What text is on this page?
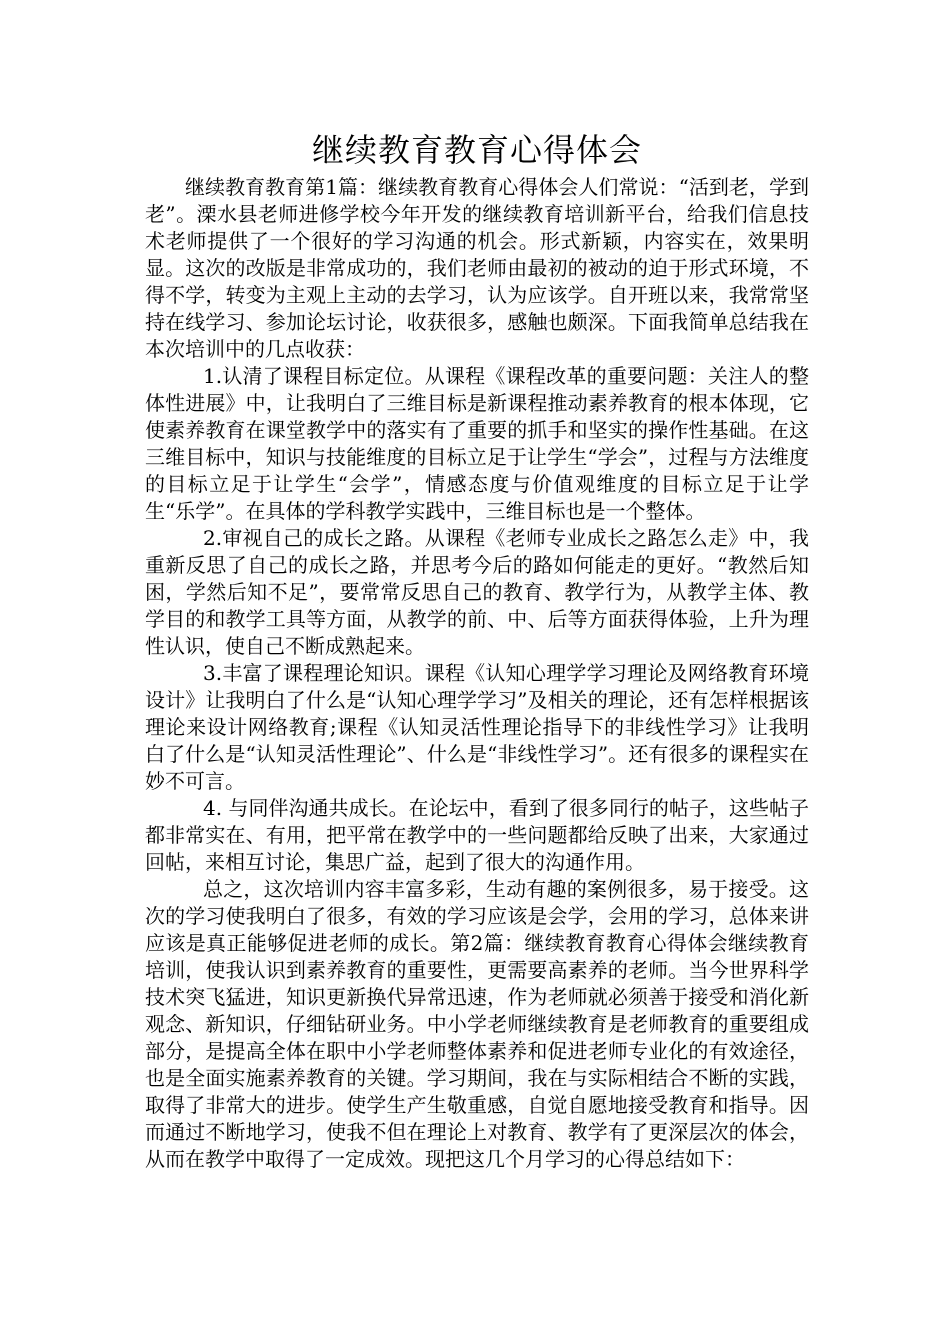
继续教育教育心得体会

继续教育教育第1篇：继续教育教育心得体会人们常说：“活到老，学到老”。溧水县老师进修学校今年开发的继续教育培训新平台，给我们信息技术老师提供了一个很好的学习沟通的机会。形式新颖，内容实在，效果明显。这次的改版是非常成功的，我们老师由最初的被动的迫于形式环境，不得不学，转变为主观上主动的去学习，认为应该学。自开班以来，我常常坚持在线学习、参加论坛讨论，收获很多，感触也颇深。下面我简单总结我在本次培训中的几点收获：

1.认清了课程目标定位。从课程《课程改革的重要问题：关注人的整体性进展》中，让我明白了三维目标是新课程推动素养教育的根本体现，它使素养教育在课堂教学中的落实有了重要的抓手和坚实的操作性基础。在这三维目标中，知识与技能维度的目标立足于让学生“学会”，过程与方法维度的目标立足于让学生“会学”，情感态度与价值观维度的目标立足于让学生“乐学”。在具体的学科教学实践中，三维目标也是一个整体。

2.审视自己的成长之路。从课程《老师专业成长之路怎么走》中，我重新反思了自己的成长之路，并思考今后的路如何能走的更好。“教然后知困，学然后知不足”，要常常反思自己的教育、教学行为，从教学主体、教学目的和教学工具等方面，从教学的前、中、后等方面获得体验，上升为理性认识，使自己不断成熟起来。

3.丰富了课程理论知识。课程《认知心理学学习理论及网络教育环境设计》让我明白了什么是“认知心理学学习”及相关的理论，还有怎样根据该理论来设计网络教育;课程《认知灵活性理论指导下的非线性学习》让我明白了什么是“认知灵活性理论”、什么是“非线性学习”。还有很多的课程实在妙不可言。

4. 与同伴沟通共成长。在论坛中，看到了很多同行的帖子，这些帖子都非常实在、有用，把平常在教学中的一些问题都给反映了出来，大家通过回帖，来相互讨论，集思广益，起到了很大的沟通作用。

总之，这次培训内容丰富多彩，生动有趣的案例很多，易于接受。这次的学习使我明白了很多，有效的学习应该是会学，会用的学习，总体来讲应该是真正能够促进老师的成长。第2篇：继续教育教育心得体会继续教育培训，使我认识到素养教育的重要性，更需要高素养的老师。当今世界科学技术突飞猛进，知识更新换代异常迅速，作为老师就必须善于接受和消化新观念、新知识，仔细钻研业务。中小学老师继续教育是老师教育的重要组成部分，是提高全体在职中小学老师整体素养和促进老师专业化的有效途径，也是全面实施素养教育的关键。学习期间，我在与实际相结合不断的实践，取得了非常大的进步。使学生产生敬重感，自觉自愿地接受教育和指导。因而通过不断地学习，使我不但在理论上对教育、教学有了更深层次的体会，从而在教学中取得了一定成效。现把这几个月学习的心得总结如下：
